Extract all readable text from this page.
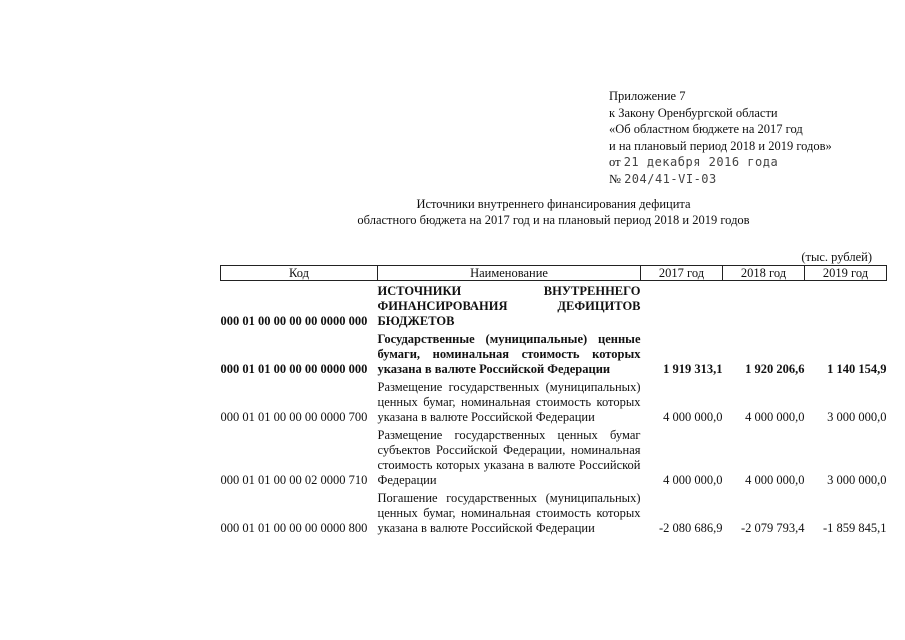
Приложение 7
к Закону Оренбургской области
«Об областном бюджете на 2017 год
и на плановый период 2018 и 2019 годов»
от 21 декабря 2016 года
№ 204/41-VI-03
Источники внутреннего финансирования дефицита
областного бюджета на 2017 год и на плановый период 2018 и 2019 годов
(тыс. рублей)
Код	Наименование	2017 год	2018 год	2019 год
000 01 00 00 00 00 0000 000	ИСТОЧНИКИ ВНУТРЕННЕГО ФИНАНСИРОВАНИЯ ДЕФИЦИТОВ БЮДЖЕТОВ			
000 01 01 00 00 00 0000 000	Государственные (муниципальные) ценные бумаги, номинальная стоимость которых указана в валюте Российской Федерации	1 919 313,1	1 920 206,6	1 140 154,9
000 01 01 00 00 00 0000 700	Размещение государственных (муниципальных) ценных бумаг, номинальная стоимость которых указана в валюте Российской Федерации	4 000 000,0	4 000 000,0	3 000 000,0
000 01 01 00 00 02 0000 710	Размещение государственных ценных бумаг субъектов Российской Федерации, номинальная стоимость которых указана в валюте Российской Федерации	4 000 000,0	4 000 000,0	3 000 000,0
000 01 01 00 00 00 0000 800	Погашение государственных (муниципальных) ценных бумаг, номинальная стоимость которых указана в валюте Российской Федерации	-2 080 686,9	-2 079 793,4	-1 859 845,1
